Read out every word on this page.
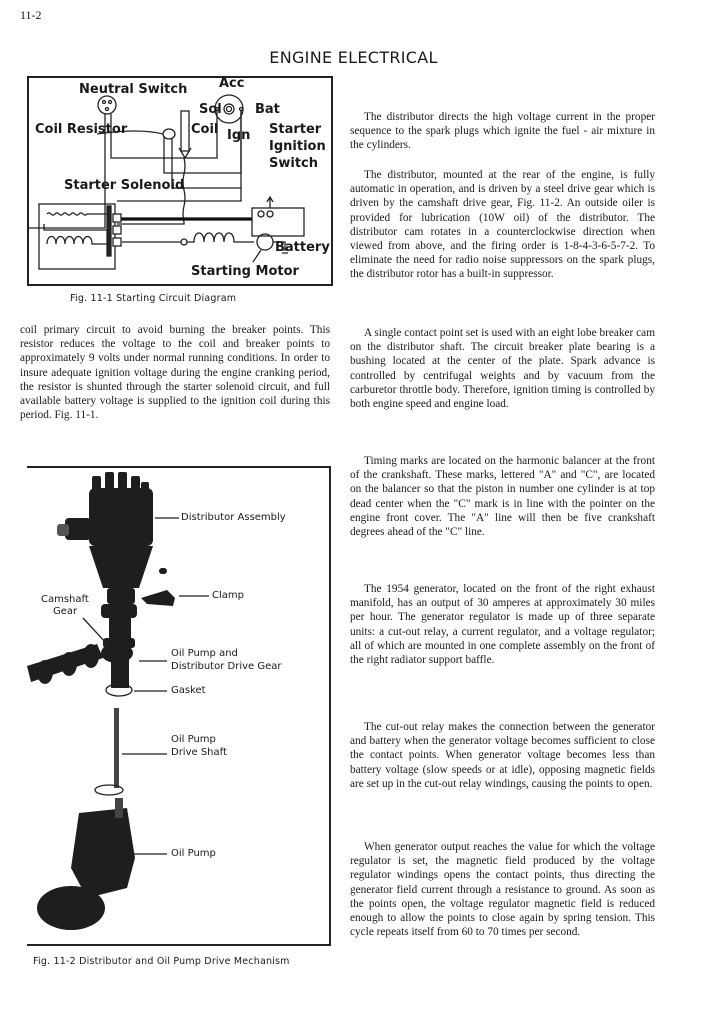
11-2
ENGINE ELECTRICAL
Neutral Switch Acc
Sol	Bat
Coil Resistor	Coil Ign Starter
Ignition
Switch
Starter Solenoid
Battery
Starting Motor
Fig. 11-1 Starting Circuit Diagram

coil primary circuit to avoid burning the breaker points. This resistor reduces the voltage to the coil and breaker points to approximately 9 volts under normal running conditions. In order to insure adequate ignition voltage during the engine cranking period, the resistor is shunted through the starter solenoid circuit, and full available battery voltage is supplied to the ignition coil during this period. Fig. 11-1.

Distributor Assembly
Camshaft
Gear
Clamp
Oil Pump and
Distributor Drive Gear
Gasket
Oil Pump
Drive Shaft
Oil Pump
Fig. 11-2 Distributor and Oil Pump Drive Mechanism

The distributor directs the high voltage current in the proper sequence to the spark plugs which ignite the fuel - air mixture in the cylinders.

The distributor, mounted at the rear of the engine, is fully automatic in operation, and is driven by a steel drive gear which is driven by the camshaft drive gear, Fig. 11-2. An outside oiler is provided for lubrication (10W oil) of the distributor. The distributor cam rotates in a counterclockwise direction when viewed from above, and the firing order is 1-8-4-3-6-5-7-2. To eliminate the need for radio noise suppressors on the spark plugs, the distributor rotor has a built-in suppressor.

A single contact point set is used with an eight lobe breaker cam on the distributor shaft. The circuit breaker plate bearing is a bushing located at the center of the plate. Spark advance is controlled by centrifugal weights and by vacuum from the carburetor throttle body. Therefore, ignition timing is controlled by both engine speed and engine load.

Timing marks are located on the harmonic balancer at the front of the crankshaft. These marks, lettered "A" and "C", are located on the balancer so that the piston in number one cylinder is at top dead center when the "C" mark is in line with the pointer on the engine front cover. The "A" line will then be five crankshaft degrees ahead of the "C" line.

The 1954 generator, located on the front of the right exhaust manifold, has an output of 30 amperes at approximately 30 miles per hour. The generator regulator is made up of three separate units: a cut-out relay, a current regulator, and a voltage regulator; all of which are mounted in one complete assembly on the front of the right radiator support baffle.

The cut-out relay makes the connection between the generator and battery when the generator voltage becomes sufficient to close the contact points. When generator voltage becomes less than battery voltage (slow speeds or at idle), opposing magnetic fields are set up in the cut-out relay windings, causing the points to open.

When generator output reaches the value for which the voltage regulator is set, the magnetic field produced by the voltage regulator windings opens the contact points, thus directing the generator field current through a resistance to ground. As soon as the points open, the voltage regulator magnetic field is reduced enough to allow the points to close again by spring tension. This cycle repeats itself from 60 to 70 times per second.
